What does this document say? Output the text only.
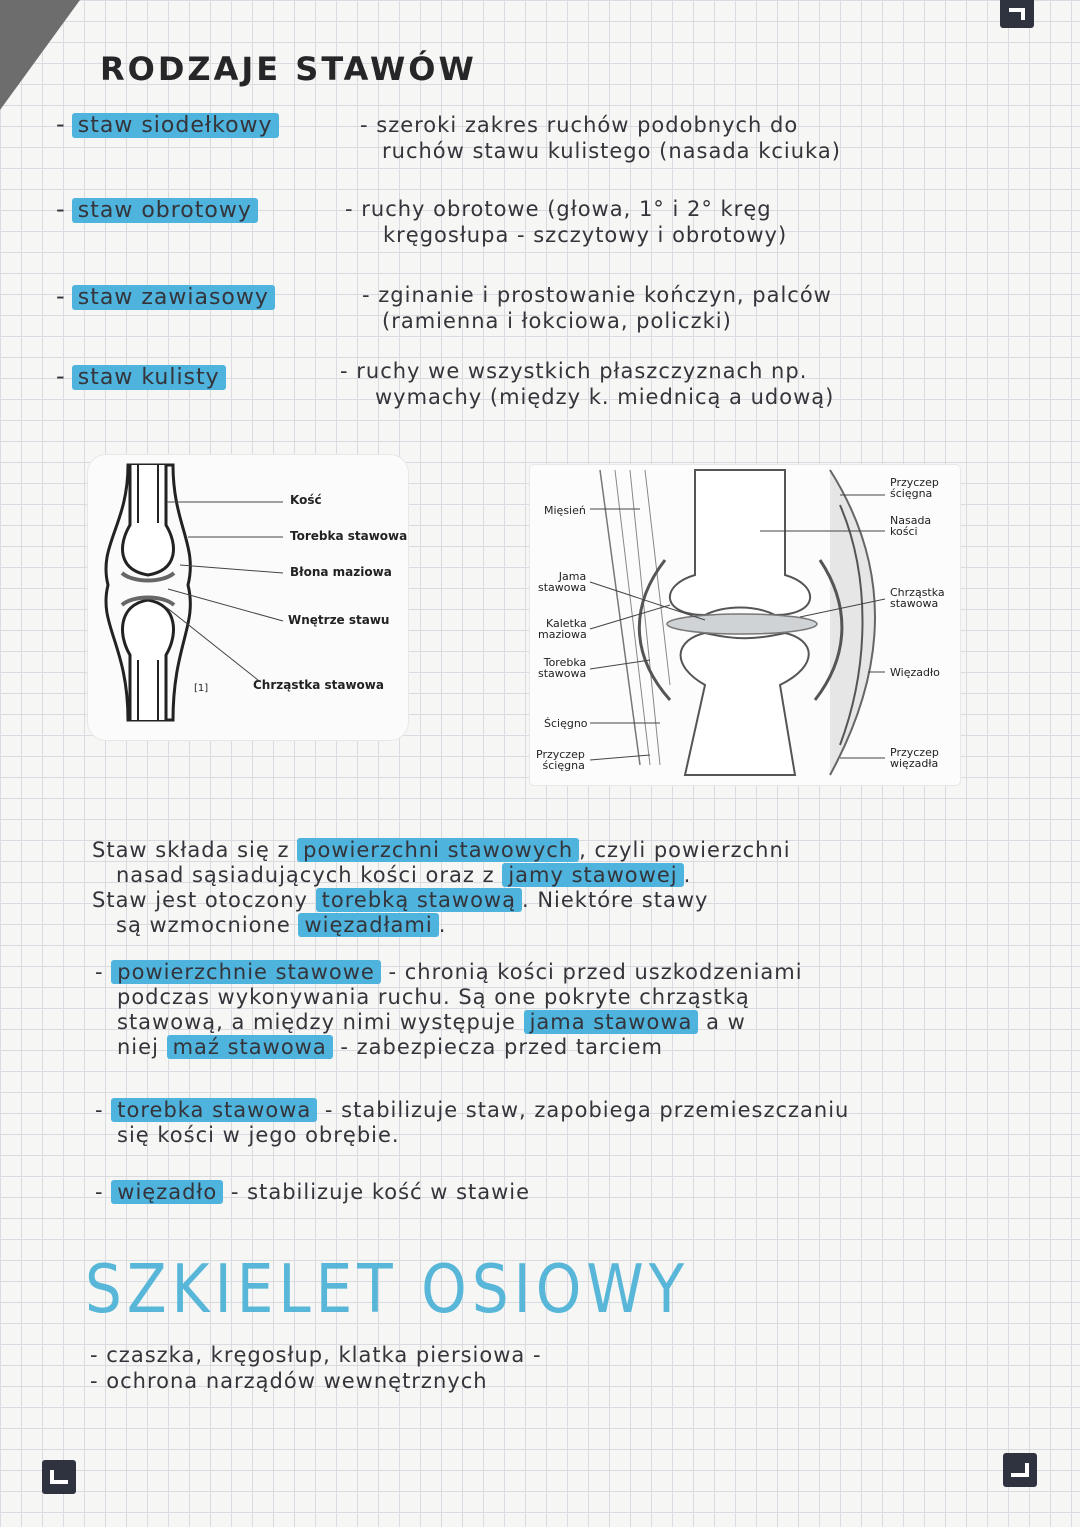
RODZAJE STAWÓW
- staw siodełkowy	- szeroki zakres ruchów podobnych do
ruchów stawu kulistego (nasada kciuka)
- staw obrotowy	- ruchy obrotowe (głowa, 1° i 2° kręg
kręgosłupa - szczytowy i obrotowy)
- staw zawiasowy	- zginanie i prostowanie kończyn, palców
(ramienna i łokciowa, policzki)
- staw kulisty	- ruchy we wszystkich płaszczyznach np.
wymachy (między k. miednicą a udową)
Kość
Torebka stawowa
Błona maziowa
Wnętrze stawu
Chrząstka stawowa
[1]
Mięsień
Jama
stawowa
Kaletka
maziowa
Torebka
stawowa
Ścięgno
Przyczep
ścięgna
Przyczep
ścięgna
Nasada
kości
Chrząstka
stawowa
Więzadło
Przyczep
więzadła
Staw składa się z powierzchni stawowych , czyli powierzchni
nasad sąsiadujących kości oraz z jamy stawowej .
Staw jest otoczony torebką stawową . Niektóre stawy
są wzmocnione więzadłami .
- powierzchnie stawowe - chronią kości przed uszkodzeniami
podczas wykonywania ruchu. Są one pokryte chrząstką
stawową, a między nimi występuje jama stawowa a w
niej maź stawowa - zabezpiecza przed tarciem
- torebka stawowa - stabilizuje staw, zapobiega przemieszczaniu
się kości w jego obrębie.
- więzadło - stabilizuje kość w stawie
SZKIELET OSIOWY
- czaszka, kręgosłup, klatka piersiowa -
- ochrona narządów wewnętrznych
